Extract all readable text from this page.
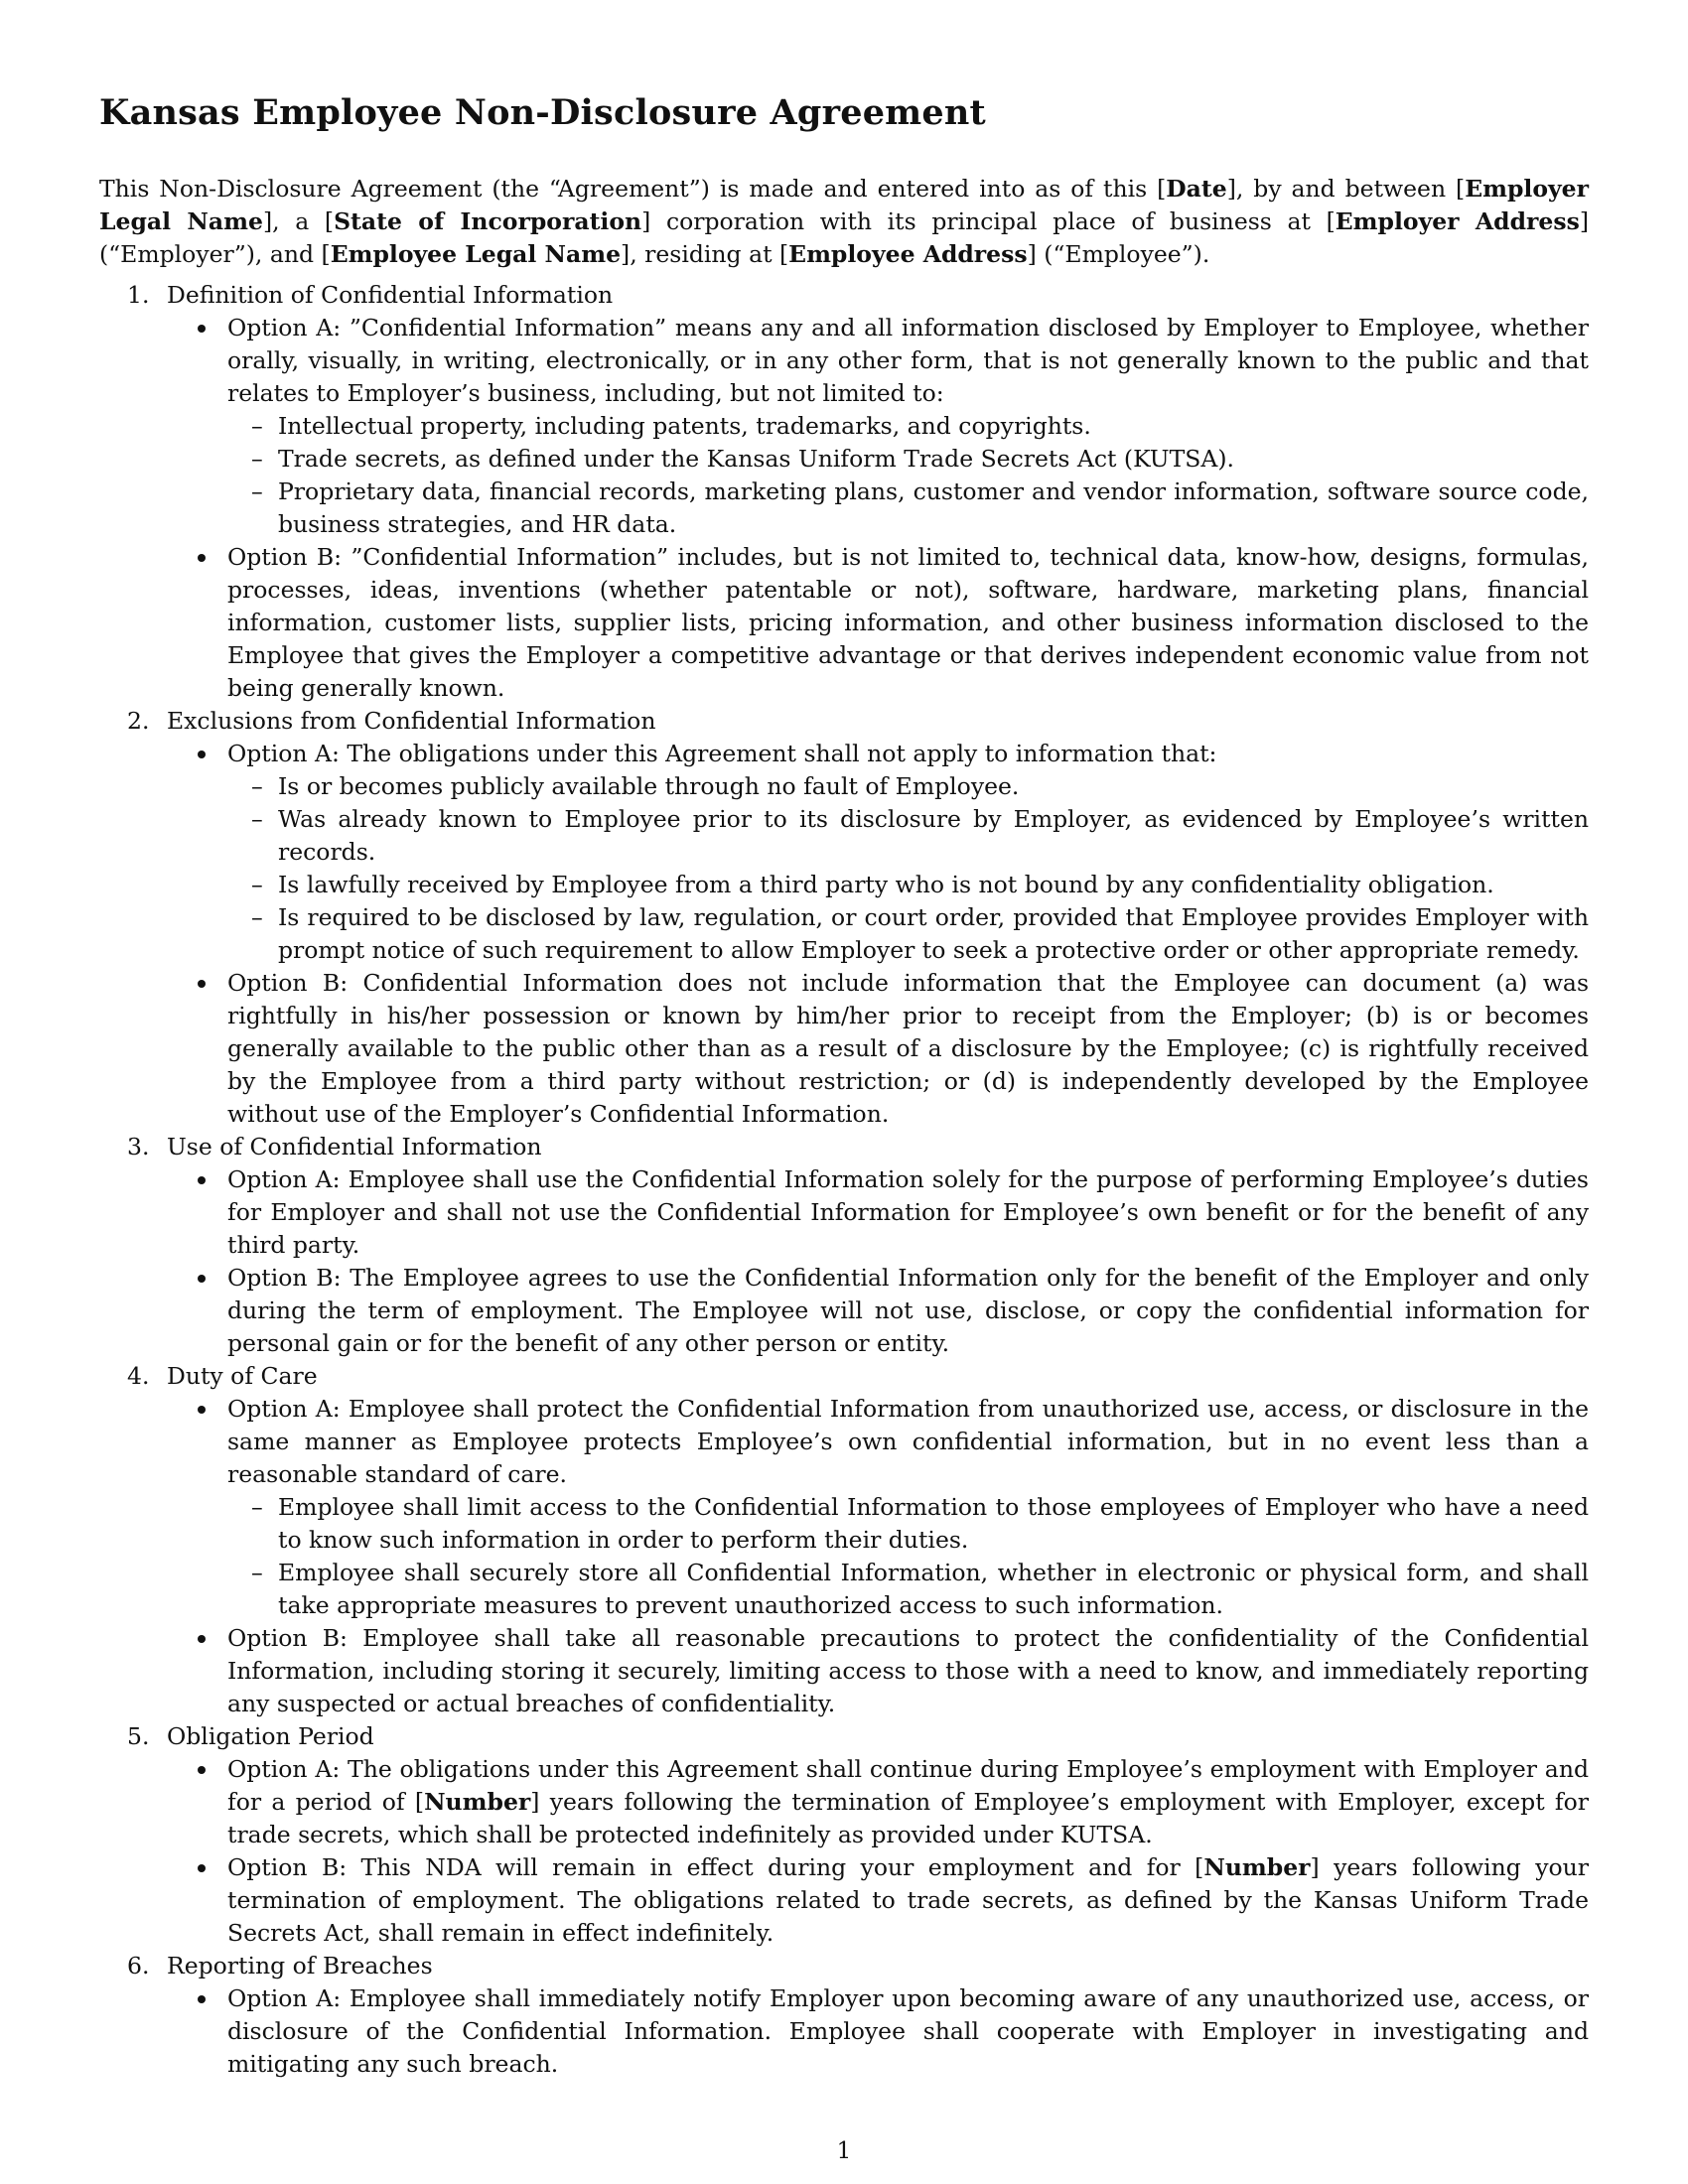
Kansas Employee Non-Disclosure Agreement

This Non-Disclosure Agreement (the “Agreement”) is made and entered into as of this [Date], by and between [Employer Legal Name], a [State of Incorporation] corporation with its principal place of business at [Employer Address] (“Employer”), and [Employee Legal Name], residing at [Employee Address] (“Employee”).

1. Definition of Confidential Information
Option A: ”Confidential Information” means any and all information disclosed by Employer to Employee, whether orally, visually, in writing, electronically, or in any other form, that is not generally known to the public and that relates to Employer’s business, including, but not limited to:
– Intellectual property, including patents, trademarks, and copyrights.
– Trade secrets, as defined under the Kansas Uniform Trade Secrets Act (KUTSA).
– Proprietary data, financial records, marketing plans, customer and vendor information, software source code, business strategies, and HR data.
Option B: ”Confidential Information” includes, but is not limited to, technical data, know-how, designs, formulas, processes, ideas, inventions (whether patentable or not), software, hardware, marketing plans, financial information, customer lists, supplier lists, pricing information, and other business information disclosed to the Employee that gives the Employer a competitive advantage or that derives independent economic value from not being generally known.
2. Exclusions from Confidential Information
Option A: The obligations under this Agreement shall not apply to information that:
– Is or becomes publicly available through no fault of Employee.
– Was already known to Employee prior to its disclosure by Employer, as evidenced by Employee’s written records.
– Is lawfully received by Employee from a third party who is not bound by any confidentiality obligation.
– Is required to be disclosed by law, regulation, or court order, provided that Employee provides Employer with prompt notice of such requirement to allow Employer to seek a protective order or other appropriate remedy.
Option B: Confidential Information does not include information that the Employee can document (a) was rightfully in his/her possession or known by him/her prior to receipt from the Employer; (b) is or becomes generally available to the public other than as a result of a disclosure by the Employee; (c) is rightfully received by the Employee from a third party without restriction; or (d) is independently developed by the Employee without use of the Employer’s Confidential Information.
3. Use of Confidential Information
Option A: Employee shall use the Confidential Information solely for the purpose of performing Employee’s duties for Employer and shall not use the Confidential Information for Employee’s own benefit or for the benefit of any third party.
Option B: The Employee agrees to use the Confidential Information only for the benefit of the Employer and only during the term of employment. The Employee will not use, disclose, or copy the confidential information for personal gain or for the benefit of any other person or entity.
4. Duty of Care
Option A: Employee shall protect the Confidential Information from unauthorized use, access, or disclosure in the same manner as Employee protects Employee’s own confidential information, but in no event less than a reasonable standard of care.
– Employee shall limit access to the Confidential Information to those employees of Employer who have a need to know such information in order to perform their duties.
– Employee shall securely store all Confidential Information, whether in electronic or physical form, and shall take appropriate measures to prevent unauthorized access to such information.
Option B: Employee shall take all reasonable precautions to protect the confidentiality of the Confidential Information, including storing it securely, limiting access to those with a need to know, and immediately reporting any suspected or actual breaches of confidentiality.
5. Obligation Period
Option A: The obligations under this Agreement shall continue during Employee’s employment with Employer and for a period of [Number] years following the termination of Employee’s employment with Employer, except for trade secrets, which shall be protected indefinitely as provided under KUTSA.
Option B: This NDA will remain in effect during your employment and for [Number] years following your termination of employment. The obligations related to trade secrets, as defined by the Kansas Uniform Trade Secrets Act, shall remain in effect indefinitely.
6. Reporting of Breaches
Option A: Employee shall immediately notify Employer upon becoming aware of any unauthorized use, access, or disclosure of the Confidential Information. Employee shall cooperate with Employer in investigating and mitigating any such breach.
1
